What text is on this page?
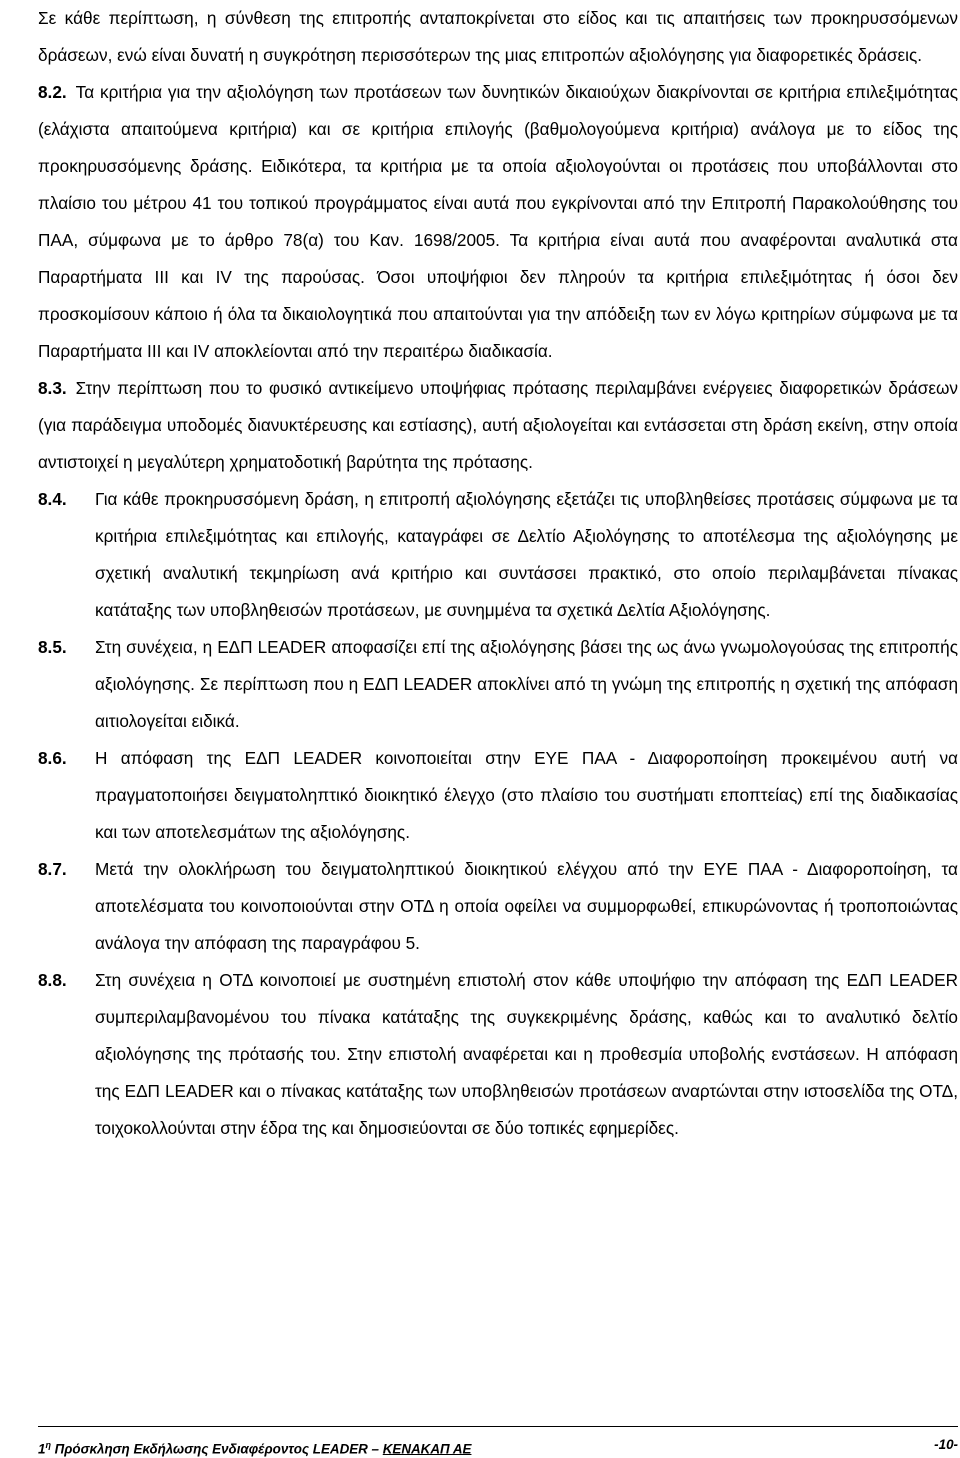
Σε κάθε περίπτωση, η σύνθεση της επιτροπής ανταποκρίνεται στο είδος και τις απαιτήσεις των προκηρυσσόμενων δράσεων, ενώ είναι δυνατή η συγκρότηση περισσότερων της μιας επιτροπών αξιολόγησης για διαφορετικές δράσεις.

8.2. Τα κριτήρια για την αξιολόγηση των προτάσεων των δυνητικών δικαιούχων διακρίνονται σε κριτήρια επιλεξιμότητας (ελάχιστα απαιτούμενα κριτήρια) και σε κριτήρια επιλογής (βαθμολογούμενα κριτήρια) ανάλογα με το είδος της προκηρυσσόμενης δράσης. Ειδικότερα, τα κριτήρια με τα οποία αξιολογούνται οι προτάσεις που υποβάλλονται στο πλαίσιο του μέτρου 41 του τοπικού προγράμματος είναι αυτά που εγκρίνονται από την Επιτροπή Παρακολούθησης του ΠΑΑ, σύμφωνα με το άρθρο 78(α) του Καν. 1698/2005. Τα κριτήρια είναι αυτά που αναφέρονται αναλυτικά στα Παραρτήματα ΙΙΙ και IV της παρούσας. Όσοι υποψήφιοι δεν πληρούν τα κριτήρια επιλεξιμότητας ή όσοι δεν προσκομίσουν κάποιο ή όλα τα δικαιολογητικά που απαιτούνται για την απόδειξη των εν λόγω κριτηρίων σύμφωνα με τα Παραρτήματα ΙΙΙ και IV αποκλείονται από την περαιτέρω διαδικασία.

8.3. Στην περίπτωση που το φυσικό αντικείμενο υποψήφιας πρότασης περιλαμβάνει ενέργειες διαφορετικών δράσεων (για παράδειγμα υποδομές διανυκτέρευσης και εστίασης), αυτή αξιολογείται και εντάσσεται στη δράση εκείνη, στην οποία αντιστοιχεί η μεγαλύτερη χρηματοδοτική βαρύτητα της πρότασης.

8.4.	Για κάθε προκηρυσσόμενη δράση, η επιτροπή αξιολόγησης εξετάζει τις υποβληθείσες προτάσεις σύμφωνα με τα κριτήρια επιλεξιμότητας και επιλογής, καταγράφει σε Δελτίο Αξιολόγησης το αποτέλεσμα της αξιολόγησης με σχετική αναλυτική τεκμηρίωση ανά κριτήριο και συντάσσει πρακτικό, στο οποίο περιλαμβάνεται πίνακας κατάταξης των υποβληθεισών προτάσεων, με συνημμένα τα σχετικά Δελτία Αξιολόγησης.
8.5.	Στη συνέχεια, η ΕΔΠ LEADER αποφασίζει επί της αξιολόγησης βάσει της ως άνω γνωμολογούσας της επιτροπής αξιολόγησης. Σε περίπτωση που η ΕΔΠ LEADER αποκλίνει από τη γνώμη της επιτροπής η σχετική της απόφαση αιτιολογείται ειδικά.
8.6.	Η απόφαση της ΕΔΠ LEADER κοινοποιείται στην ΕΥΕ ΠΑΑ - Διαφοροποίηση προκειμένου αυτή να πραγματοποιήσει δειγματοληπτικό διοικητικό έλεγχο (στο πλαίσιο του συστήματι εποπτείας) επί της διαδικασίας και των αποτελεσμάτων της αξιολόγησης.
8.7.	Μετά την ολοκλήρωση του δειγματοληπτικού διοικητικού ελέγχου από την ΕΥΕ ΠΑΑ - Διαφοροποίηση, τα αποτελέσματα του κοινοποιούνται στην ΟΤΔ η οποία οφείλει να συμμορφωθεί, επικυρώνοντας ή τροποποιώντας ανάλογα την απόφαση της παραγράφου 5.
8.8.	Στη συνέχεια η ΟΤΔ κοινοποιεί με συστημένη επιστολή στον κάθε υποψήφιο την απόφαση της ΕΔΠ LEADER συμπεριλαμβανομένου του πίνακα κατάταξης της συγκεκριμένης δράσης, καθώς και το αναλυτικό δελτίο αξιολόγησης της πρότασής του. Στην επιστολή αναφέρεται και η προθεσμία υποβολής ενστάσεων. Η απόφαση της ΕΔΠ LEADER και ο πίνακας κατάταξης των υποβληθεισών προτάσεων αναρτώνται στην ιστοσελίδα της ΟΤΔ, τοιχοκολλούνται στην έδρα της και δημοσιεύονται σε δύο τοπικές εφημερίδες.
$1^\eta$ Πρόσκληση Εκδήλωσης Ενδιαφέροντος LEADER – ΚΕΝΑΚΑΠ ΑΕ	-10-
